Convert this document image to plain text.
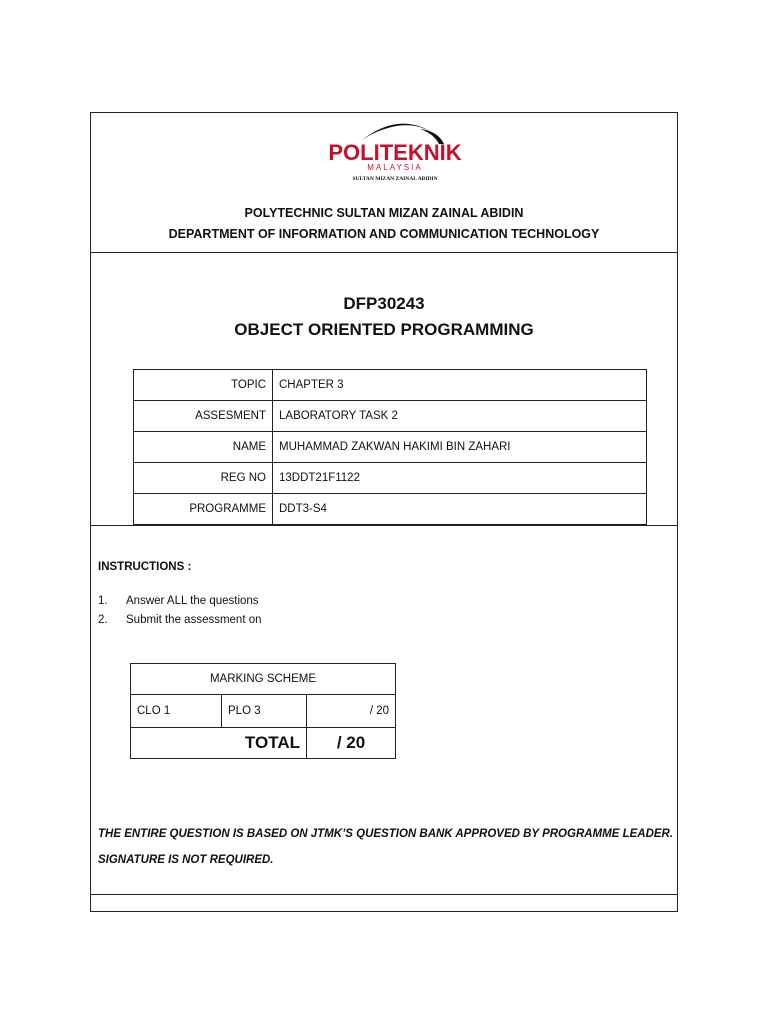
POLITEKNIK
MALAYSIA
SULTAN MIZAN ZAINAL ABIDIN
POLYTECHNIC SULTAN MIZAN ZAINAL ABIDIN
DEPARTMENT OF INFORMATION AND COMMUNICATION TECHNOLOGY
DFP30243
OBJECT ORIENTED PROGRAMMING
TOPIC	CHAPTER 3
ASSESMENT	LABORATORY TASK 2
NAME	MUHAMMAD ZAKWAN HAKIMI BIN ZAHARI
REG NO	13DDT21F1122
PROGRAMME	DDT3-S4
INSTRUCTIONS :
1. Answer ALL the questions
2. Submit the assessment on
MARKING SCHEME		
CLO 1	PLO 3	/ 20
TOTAL		/ 20
THE ENTIRE QUESTION IS BASED ON JTMK’S QUESTION BANK APPROVED BY PROGRAMME LEADER.
SIGNATURE IS NOT REQUIRED.
